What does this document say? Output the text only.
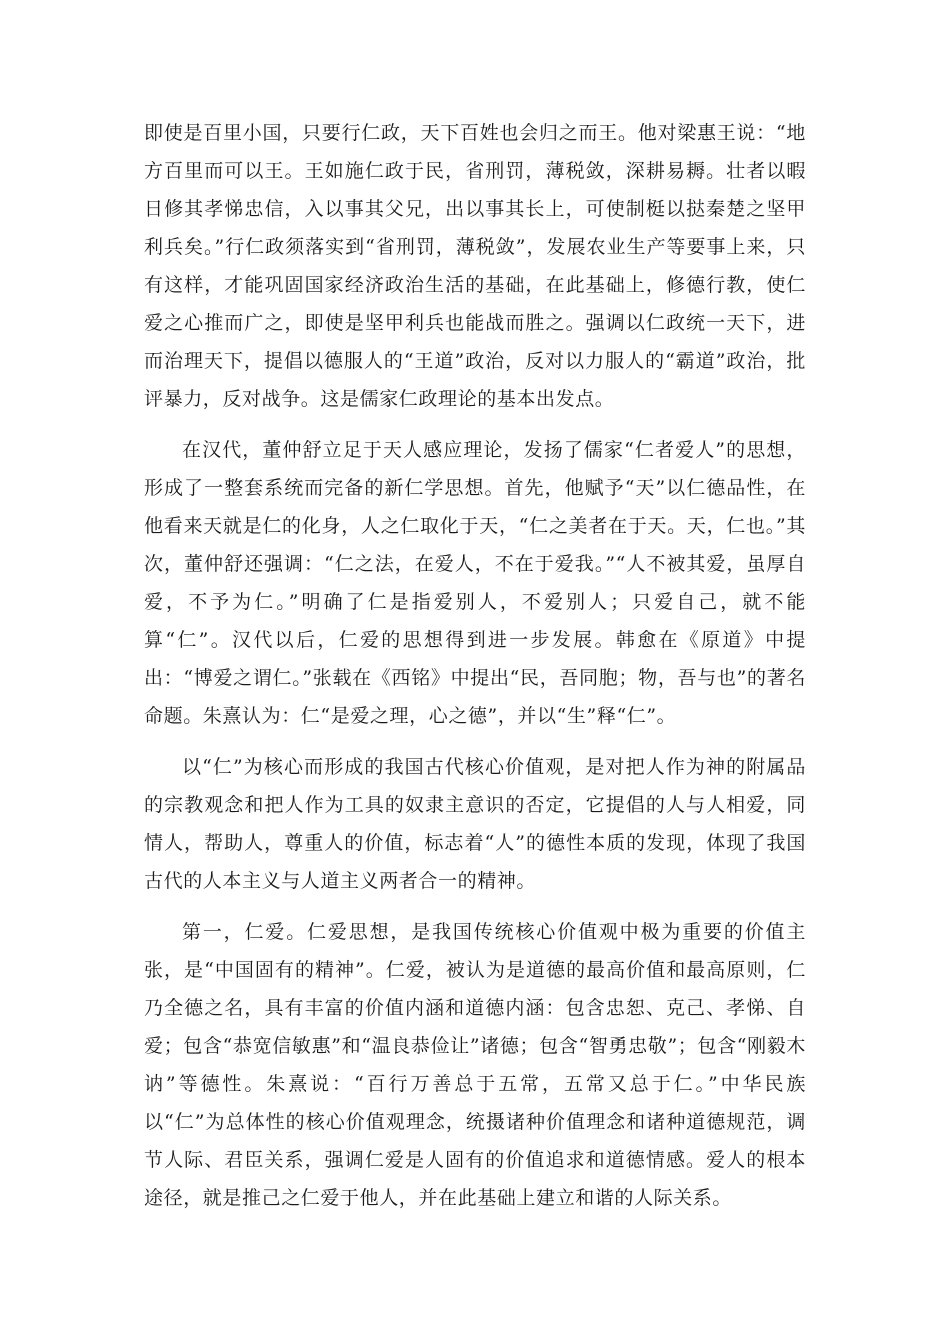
即使是百里小国，只要行仁政，天下百姓也会归之而王。他对梁惠王说：“地方百里而可以王。王如施仁政于民，省刑罚，薄税敛，深耕易耨。壮者以暇日修其孝悌忠信，入以事其父兄，出以事其长上，可使制梃以挞秦楚之坚甲利兵矣。”行仁政须落实到“省刑罚，薄税敛”，发展农业生产等要事上来，只有这样，才能巩固国家经济政治生活的基础，在此基础上，修德行教，使仁爱之心推而广之，即使是坚甲利兵也能战而胜之。强调以仁政统一天下，进而治理天下，提倡以德服人的“王道”政治，反对以力服人的“霸道”政治，批评暴力，反对战争。这是儒家仁政理论的基本出发点。

在汉代，董仲舒立足于天人感应理论，发扬了儒家“仁者爱人”的思想，形成了一整套系统而完备的新仁学思想。首先，他赋予“天”以仁德品性，在他看来天就是仁的化身，人之仁取化于天，“仁之美者在于天。天，仁也。”其次，董仲舒还强调：“仁之法，在爱人，不在于爱我。”“人不被其爱，虽厚自爱，不予为仁。”明确了仁是指爱别人，不爱别人；只爱自己，就不能算“仁”。汉代以后，仁爱的思想得到进一步发展。韩愈在《原道》中提出：“博爱之谓仁。”张载在《西铭》中提出“民，吾同胞；物，吾与也”的著名命题。朱熹认为：仁“是爱之理，心之德”，并以“生”释“仁”。

以“仁”为核心而形成的我国古代核心价值观，是对把人作为神的附属品的宗教观念和把人作为工具的奴隶主意识的否定，它提倡的人与人相爱，同情人，帮助人，尊重人的价值，标志着“人”的德性本质的发现，体现了我国古代的人本主义与人道主义两者合一的精神。

第一，仁爱。仁爱思想，是我国传统核心价值观中极为重要的价值主张，是“中国固有的精神”。仁爱，被认为是道德的最高价值和最高原则，仁乃全德之名，具有丰富的价值内涵和道德内涵：包含忠恕、克己、孝悌、自爱；包含“恭宽信敏惠”和“温良恭俭让”诸德；包含“智勇忠敬”；包含“刚毅木讷”等德性。朱熹说：“百行万善总于五常，五常又总于仁。”中华民族以“仁”为总体性的核心价值观理念，统摄诸种价值理念和诸种道德规范，调节人际、君臣关系，强调仁爱是人固有的价值追求和道德情感。爱人的根本途径，就是推己之仁爱于他人，并在此基础上建立和谐的人际关系。
